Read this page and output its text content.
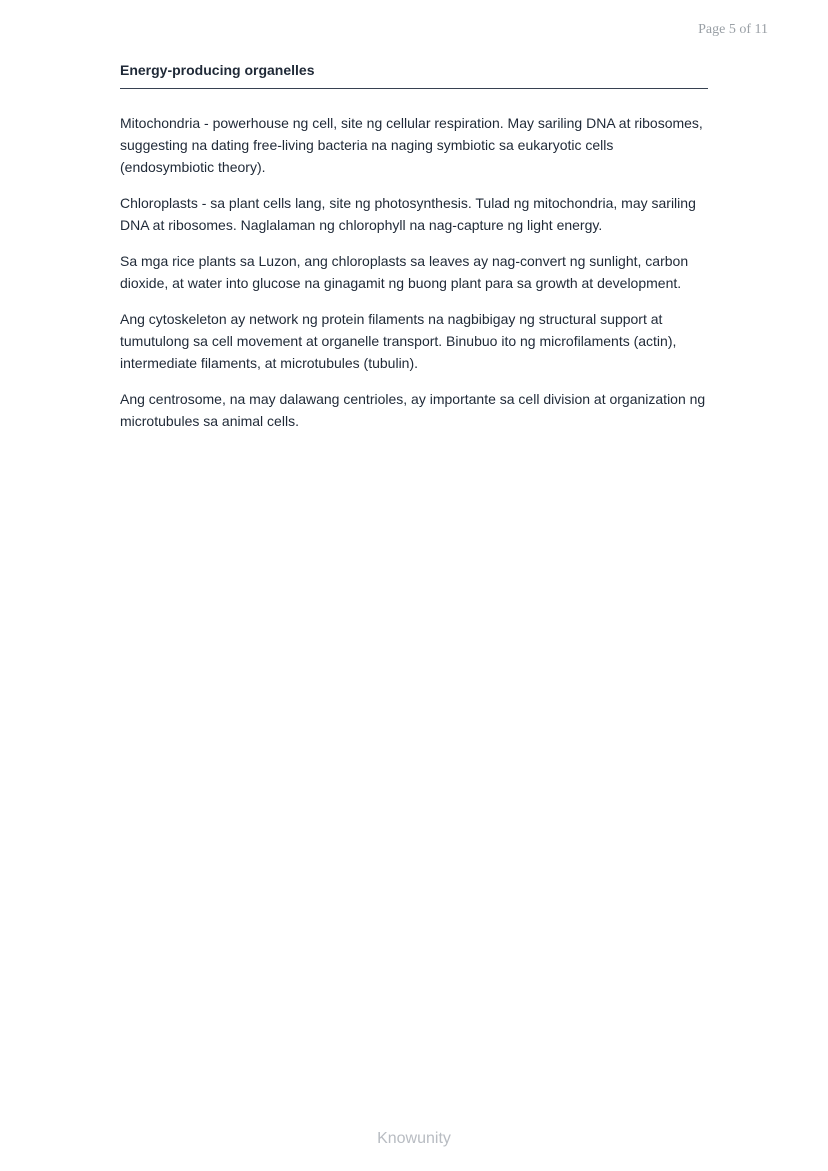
Page 5 of 11
Energy-producing organelles

Mitochondria - powerhouse ng cell, site ng cellular respiration. May sariling DNA at ribosomes, suggesting na dating free-living bacteria na naging symbiotic sa eukaryotic cells (endosymbiotic theory).

Chloroplasts - sa plant cells lang, site ng photosynthesis. Tulad ng mitochondria, may sariling DNA at ribosomes. Naglalaman ng chlorophyll na nag-capture ng light energy.

Sa mga rice plants sa Luzon, ang chloroplasts sa leaves ay nag-convert ng sunlight, carbon dioxide, at water into glucose na ginagamit ng buong plant para sa growth at development.

Ang cytoskeleton ay network ng protein filaments na nagbibigay ng structural support at tumutulong sa cell movement at organelle transport. Binubuo ito ng microfilaments (actin), intermediate filaments, at microtubules (tubulin).

Ang centrosome, na may dalawang centrioles, ay importante sa cell division at organization ng microtubules sa animal cells.

Knowunity
